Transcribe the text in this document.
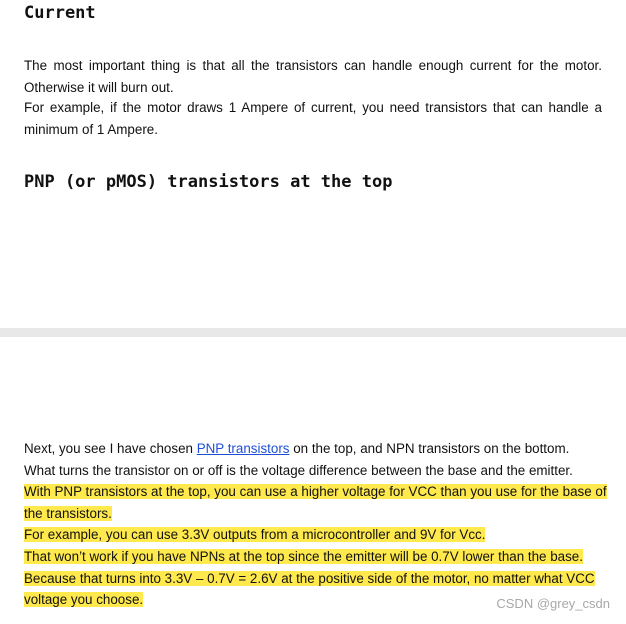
Current

The most important thing is that all the transistors can handle enough current for the motor. Otherwise it will burn out.

For example, if the motor draws 1 Ampere of current, you need transistors that can handle a minimum of 1 Ampere.

PNP (or pMOS) transistors at the top
Next, you see I have chosen PNP transistors on the top, and NPN transistors on the bottom.
What turns the transistor on or off is the voltage difference between the base and the emitter.
With PNP transistors at the top, you can use a higher voltage for VCC than you use for the base of
the transistors.
For example, you can use 3.3V outputs from a microcontroller and 9V for Vcc.
That won’t work if you have NPNs at the top since the emitter will be 0.7V lower than the base.
Because that turns into 3.3V – 0.7V = 2.6V at the positive side of the motor, no matter what VCC
voltage you choose.	CSDN @grey_csdn
